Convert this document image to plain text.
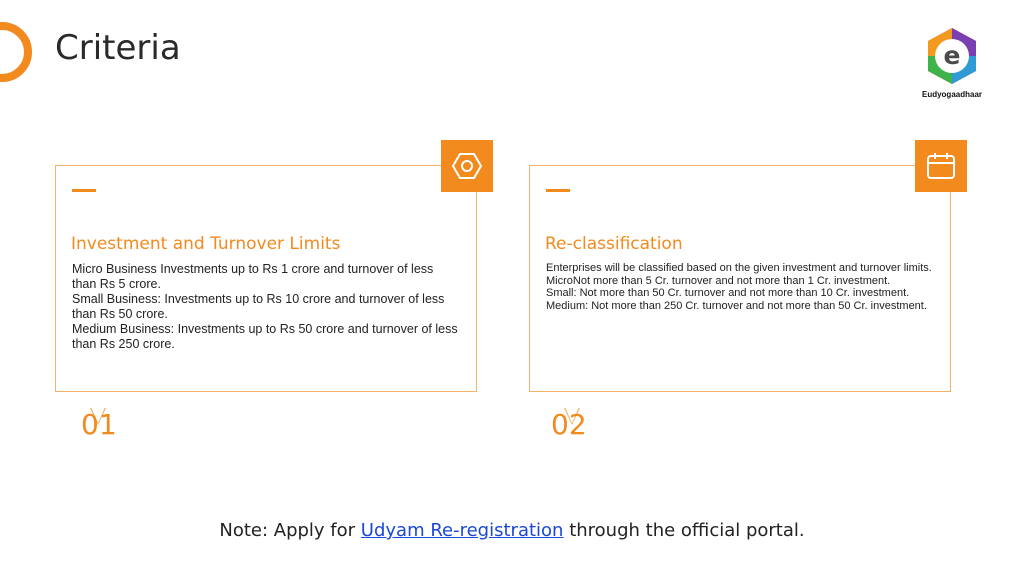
Criteria	e
Eudyogaadhaar
Investment and Turnover Limits

Micro Business Investments up to Rs 1 crore and turnover of less than Rs 5 crore.
Small Business: Investments up to Rs 10 crore and turnover of less than Rs 50 crore.
Medium Business: Investments up to Rs 50 crore and turnover of less than Rs 250 crore.

01
Re-classification

Enterprises will be classified based on the given investment and turnover limits.
MicroNot more than 5 Cr. turnover and not more than 1 Cr. investment.
Small: Not more than 50 Cr. turnover and not more than 10 Cr. investment.
Medium: Not more than 250 Cr. turnover and not more than 50 Cr. investment.

02
Note: Apply for Udyam Re-registration through the official portal.
